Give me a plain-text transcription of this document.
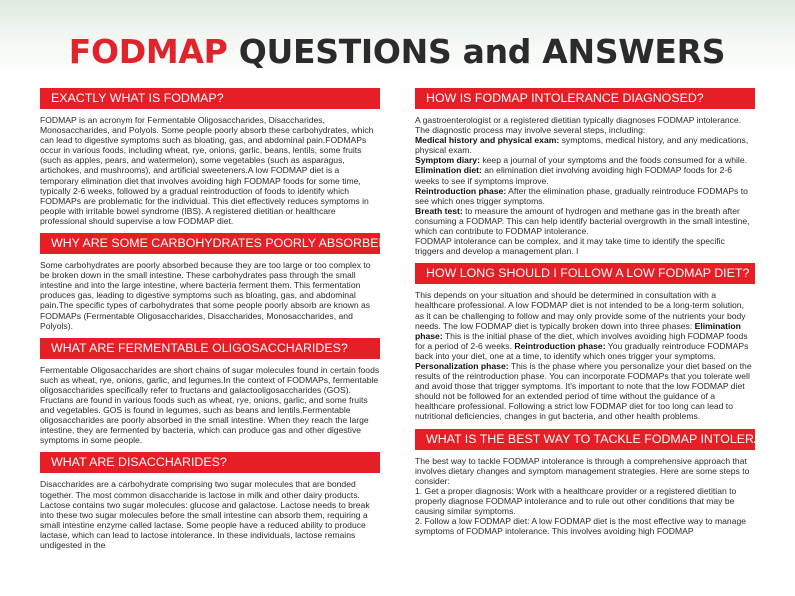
FODMAP QUESTIONS and ANSWERS
EXACTLY WHAT IS FODMAP?

FODMAP is an acronym for Fermentable Oligosaccharides, Disaccharides, Monosaccharides, and Polyols. Some people poorly absorb these carbohydrates, which can lead to digestive symptoms such as bloating, gas, and abdominal pain.FODMAPs occur in various foods, including wheat, rye, onions, garlic, beans, lentils, some fruits (such as apples, pears, and watermelon), some vegetables (such as asparagus, artichokes, and mushrooms), and artificial sweeteners.A low FODMAP diet is a temporary elimination diet that involves avoiding high FODMAP foods for some time, typically 2-6 weeks, followed by a gradual reintroduction of foods to identify which FODMAPs are problematic for the individual. This diet effectively reduces symptoms in people with irritable bowel syndrome (IBS). A registered dietitian or healthcare professional should supervise a low FODMAP diet.

WHY ARE SOME CARBOHYDRATES POORLY ABSORBED?

Some carbohydrates are poorly absorbed because they are too large or too complex to be broken down in the small intestine. These carbohydrates pass through the small intestine and into the large intestine, where bacteria ferment them. This fermentation produces gas, leading to digestive symptoms such as bloating, gas, and abdominal pain.The specific types of carbohydrates that some people poorly absorb are known as FODMAPs (Fermentable Oligosaccharides, Disaccharides, Monosaccharides, and Polyols).

WHAT ARE FERMENTABLE OLIGOSACCHARIDES?

Fermentable Oligosaccharides are short chains of sugar molecules found in certain foods such as wheat, rye, onions, garlic, and legumes.In the context of FODMAPs, fermentable oligosaccharides specifically refer to fructans and galactooligosaccharides (GOS). Fructans are found in various foods such as wheat, rye, onions, garlic, and some fruits and vegetables. GOS is found in legumes, such as beans and lentils.Fermentable oligosaccharides are poorly absorbed in the small intestine. When they reach the large intestine, they are fermented by bacteria, which can produce gas and other digestive symptoms in some people.

WHAT ARE DISACCHARIDES?

Disaccharides are a carbohydrate comprising two sugar molecules that are bonded together. The most common disaccharide is lactose in milk and other dairy products. Lactose contains two sugar molecules: glucose and galactose. Lactose needs to break into these two sugar molecules before the small intestine can absorb them, requiring a small intestine enzyme called lactase. Some people have a reduced ability to produce lactase, which can lead to lactose intolerance. In these individuals, lactose remains undigested in the

HOW IS FODMAP INTOLERANCE DIAGNOSED?

A gastroenterologist or a registered dietitian typically diagnoses FODMAP intolerance. The diagnostic process may involve several steps, including:

Medical history and physical exam: symptoms, medical history, and any medications, physical exam.

Symptom diary: keep a journal of your symptoms and the foods consumed for a while.

Elimination diet: an elimination diet involving avoiding high FODMAP foods for 2-6 weeks to see if symptoms improve.

Reintroduction phase: After the elimination phase, gradually reintroduce FODMAPs to see which ones trigger symptoms.

Breath test: to measure the amount of hydrogen and methane gas in the breath after consuming a FODMAP. This can help identify bacterial overgrowth in the small intestine, which can contribute to FODMAP intolerance.

FODMAP intolerance can be complex, and it may take time to identify the specific triggers and develop a management plan. I

HOW LONG SHOULD I FOLLOW A LOW FODMAP DIET?

This depends on your situation and should be determined in consultation with a healthcare professional. A low FODMAP diet is not intended to be a long-term solution, as it can be challenging to follow and may only provide some of the nutrients your body needs. The low FODMAP diet is typically broken down into three phases: Elimination phase: This is the initial phase of the diet, which involves avoiding high FODMAP foods for a period of 2-6 weeks. Reintroduction phase: You gradually reintroduce FODMAPs back into your diet, one at a time, to identify which ones trigger your symptoms. Personalization phase: This is the phase where you personalize your diet based on the results of the reintroduction phase. You can incorporate FODMAPs that you tolerate well and avoid those that trigger symptoms. It's important to note that the low FODMAP diet should not be followed for an extended period of time without the guidance of a healthcare professional. Following a strict low FODMAP diet for too long can lead to nutritional deficiencies, changes in gut bacteria, and other health problems.

WHAT IS THE BEST WAY TO TACKLE FODMAP INTOLERANCE?

The best way to tackle FODMAP intolerance is through a comprehensive approach that involves dietary changes and symptom management strategies. Here are some steps to consider:

1. Get a proper diagnosis: Work with a healthcare provider or a registered dietitian to properly diagnose FODMAP intolerance and to rule out other conditions that may be causing similar symptoms.

2. Follow a low FODMAP diet: A low FODMAP diet is the most effective way to manage symptoms of FODMAP intolerance. This involves avoiding high FODMAP
